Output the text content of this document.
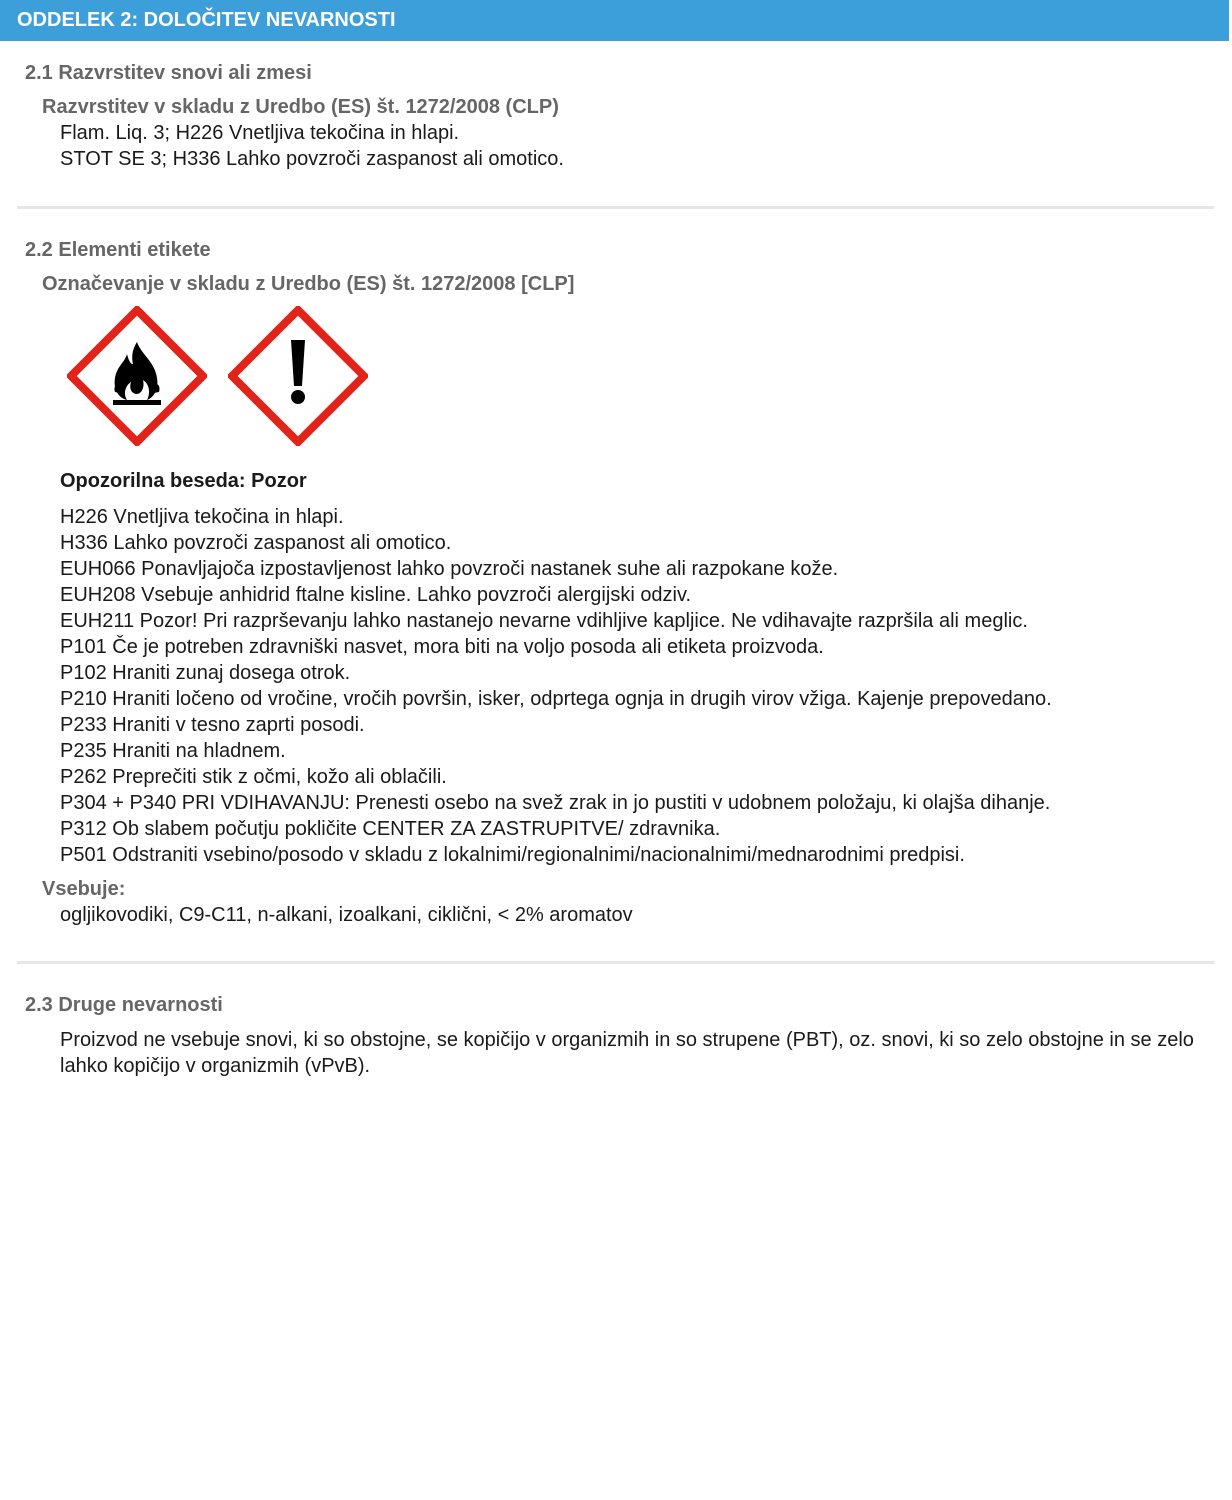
ODDELEK 2: DOLOČITEV NEVARNOSTI
2.1 Razvrstitev snovi ali zmesi
Razvrstitev v skladu z Uredbo (ES) št. 1272/2008 (CLP)
Flam. Liq. 3; H226 Vnetljiva tekočina in hlapi.
STOT SE 3; H336 Lahko povzroči zaspanost ali omotico.
2.2 Elementi etikete
Označevanje v skladu z Uredbo (ES) št. 1272/2008 [CLP]
Opozorilna beseda: Pozor
H226 Vnetljiva tekočina in hlapi.
H336 Lahko povzroči zaspanost ali omotico.
EUH066 Ponavljajoča izpostavljenost lahko povzroči nastanek suhe ali razpokane kože.
EUH208 Vsebuje anhidrid ftalne kisline. Lahko povzroči alergijski odziv.
EUH211 Pozor! Pri razprševanju lahko nastanejo nevarne vdihljive kapljice. Ne vdihavajte razpršila ali meglic.
P101 Če je potreben zdravniški nasvet, mora biti na voljo posoda ali etiketa proizvoda.
P102 Hraniti zunaj dosega otrok.
P210 Hraniti ločeno od vročine, vročih površin, isker, odprtega ognja in drugih virov vžiga. Kajenje prepovedano.
P233 Hraniti v tesno zaprti posodi.
P235 Hraniti na hladnem.
P262 Preprečiti stik z očmi, kožo ali oblačili.
P304 + P340 PRI VDIHAVANJU: Prenesti osebo na svež zrak in jo pustiti v udobnem položaju, ki olajša dihanje.
P312 Ob slabem počutju pokličite CENTER ZA ZASTRUPITVE/ zdravnika.
P501 Odstraniti vsebino/posodo v skladu z lokalnimi/regionalnimi/nacionalnimi/mednarodnimi predpisi.
Vsebuje:
ogljikovodiki, C9-C11, n-alkani, izoalkani, ciklični, < 2% aromatov
2.3 Druge nevarnosti
Proizvod ne vsebuje snovi, ki so obstojne, se kopičijo v organizmih in so strupene (PBT), oz. snovi, ki so zelo obstojne in se zelo lahko kopičijo v organizmih (vPvB).
